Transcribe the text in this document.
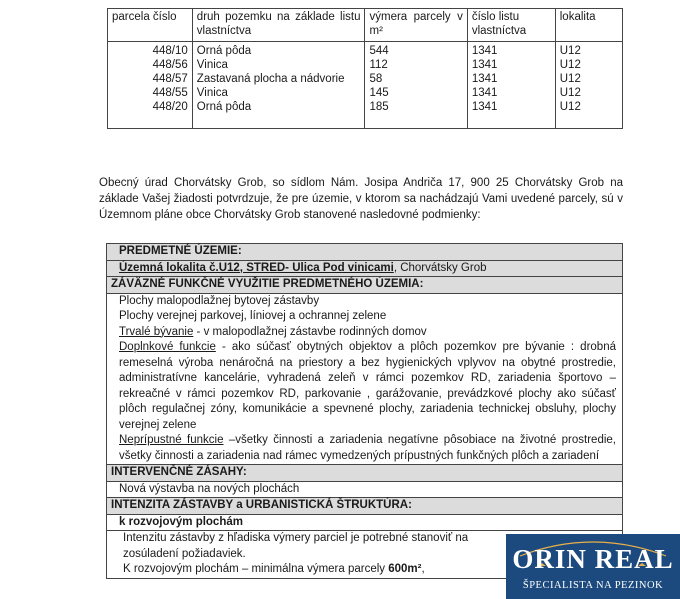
parcela číslo	druh pozemku na základe listu vlastníctva	výmera parcely v m²	číslo listu vlastníctva	lokalita
448/10	Orná pôda	544	1341	U12
448/56	Vinica	112	1341	U12
448/57	Zastavaná plocha a nádvorie	58	1341	U12
448/55	Vinica	145	1341	U12
448/20	Orná pôda	185	1341	U12
Obecný úrad Chorvátsky Grob, so sídlom Nám. Josipa Andriča 17, 900 25 Chorvátsky Grob na základe Vašej žiadosti potvrdzuje, že pre územie, v ktorom sa nachádzajú Vami uvedené parcely, sú v Územnom pláne obce Chorvátsky Grob stanovené nasledovné podmienky:
PREDMETNÉ ÚZEMIE:
Územná lokalita č.U12, STRED- Ulica Pod vinicami, Chorvátsky Grob
ZÁVÄZNÉ FUNKČNÉ VYUŽITIE PREDMETNÉHO ÚZEMIA:
Plochy malopodlažnej bytovej zástavby
Plochy verejnej parkovej, líniovej a ochrannej zelene
Trvalé bývanie - v malopodlažnej zástavbe rodinných domov
Doplnkové funkcie - ako súčasť obytných objektov a plôch pozemkov pre bývanie : drobná remeselná výroba nenáročná na priestory a bez hygienických vplyvov na obytné prostredie, administratívne kancelárie, vyhradená zeleň v rámci pozemkov RD, zariadenia športovo – rekreačné v rámci pozemkov RD, parkovanie , garážovanie, prevádzkové plochy ako súčasť plôch regulačnej zóny, komunikácie a spevnené plochy, zariadenia technickej obsluhy, plochy verejnej zelene
Neprípustné funkcie –všetky činnosti a zariadenia negatívne pôsobiace na životné prostredie, všetky činnosti a zariadenia nad rámec vymedzených prípustných funkčných plôch a zariadení
INTERVENČNÉ ZÁSAHY:
Nová výstavba na nových plochách
INTENZITA ZÁSTAVBY a URBANISTICKÁ ŠTRUKTÚRA:
k rozvojovým plochám
Intenzitu zástavby z hľadiska výmery parciel je potrebné stanoviť na
zosúladení požiadaviek.
K rozvojovým plochám – minimálna výmera parcely 600m²,	ORIN REAL
ŠPECIALISTA NA PEZINOK
